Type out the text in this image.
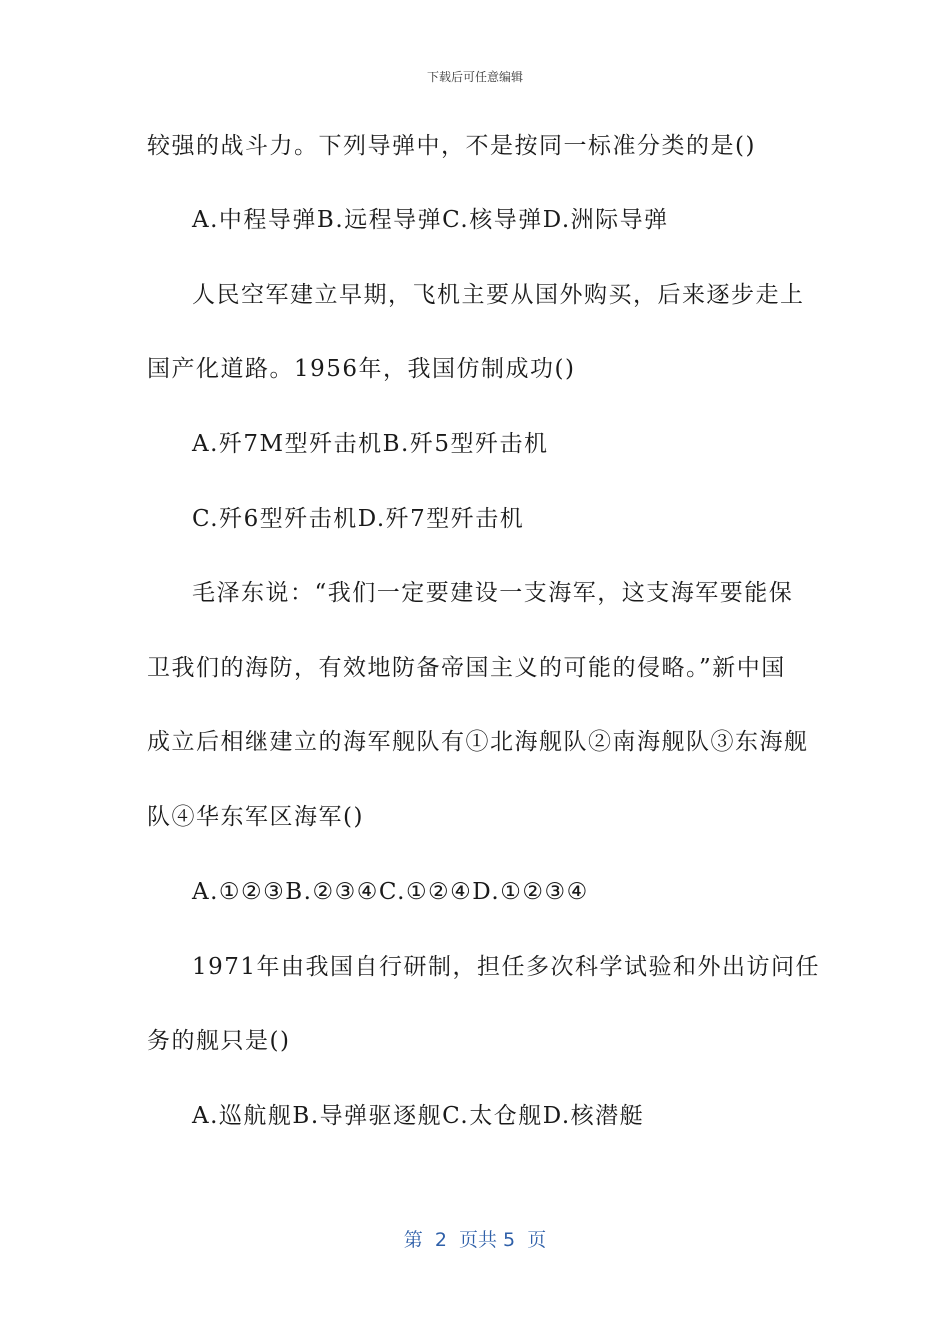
下载后可任意编辑
较强的战斗力。下列导弹中，不是按同一标准分类的是()
A.中程导弹B.远程导弹C.核导弹D.洲际导弹
人民空军建立早期，飞机主要从国外购买，后来逐步走上
国产化道路。1956年，我国仿制成功()
A.歼7M型歼击机B.歼5型歼击机
C.歼6型歼击机D.歼7型歼击机
毛泽东说：“我们一定要建设一支海军，这支海军要能保
卫我们的海防，有效地防备帝国主义的可能的侵略。”新中国
成立后相继建立的海军舰队有①北海舰队②南海舰队③东海舰
队④华东军区海军()
A.①②③B.②③④C.①②④D.①②③④
1971年由我国自行研制，担任多次科学试验和外出访问任
务的舰只是()
A.巡航舰B.导弹驱逐舰C.太仓舰D.核潜艇
第  2  页共 5  页
